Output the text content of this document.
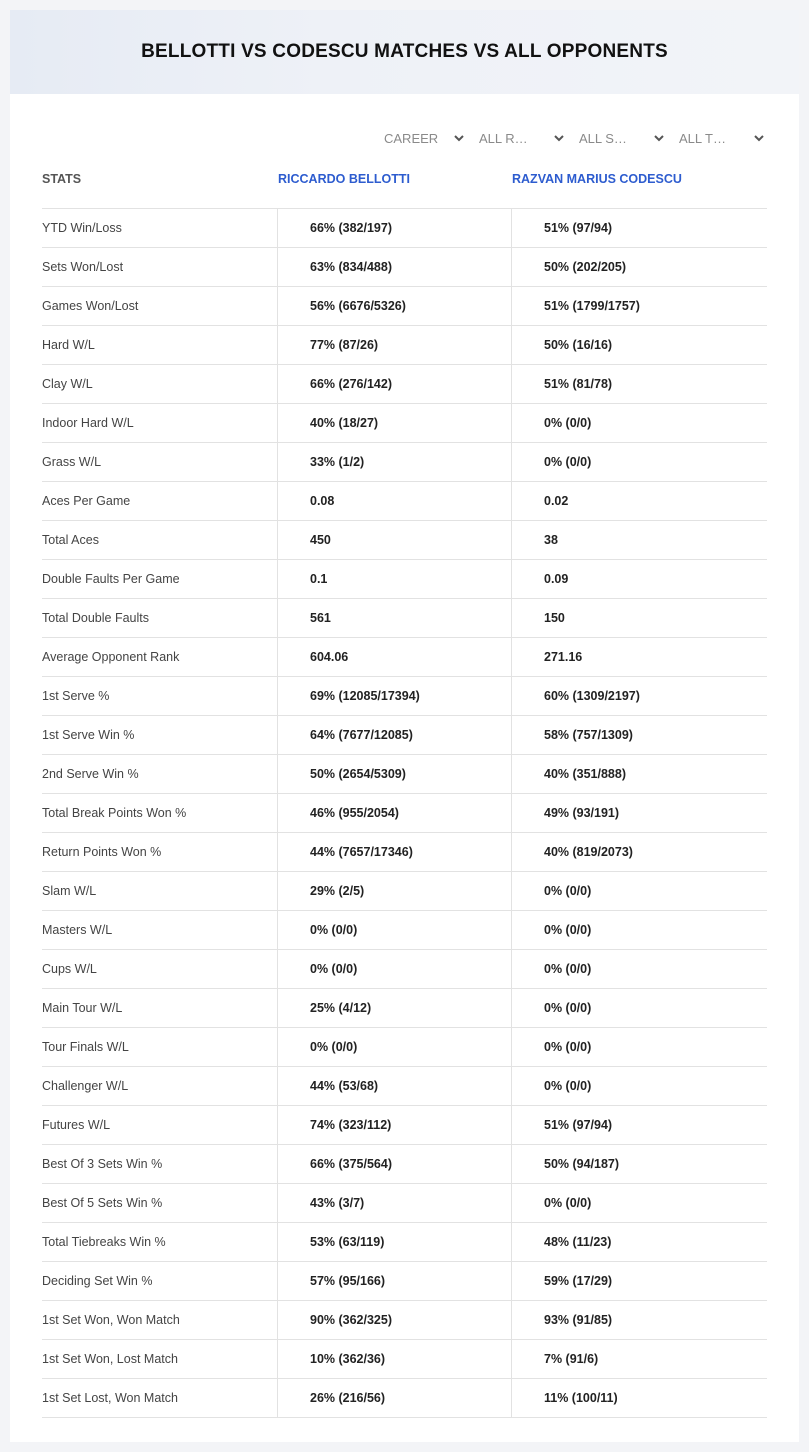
BELLOTTI VS CODESCU MATCHES VS ALL OPPONENTS
CAREER	ALL R…	ALL S…	ALL T…
STATS	RICCARDO BELLOTTI	RAZVAN MARIUS CODESCU
YTD Win/Loss	66% (382/197)	51% (97/94)
Sets Won/Lost	63% (834/488)	50% (202/205)
Games Won/Lost	56% (6676/5326)	51% (1799/1757)
Hard W/L	77% (87/26)	50% (16/16)
Clay W/L	66% (276/142)	51% (81/78)
Indoor Hard W/L	40% (18/27)	0% (0/0)
Grass W/L	33% (1/2)	0% (0/0)
Aces Per Game	0.08	0.02
Total Aces	450	38
Double Faults Per Game	0.1	0.09
Total Double Faults	561	150
Average Opponent Rank	604.06	271.16
1st Serve %	69% (12085/17394)	60% (1309/2197)
1st Serve Win %	64% (7677/12085)	58% (757/1309)
2nd Serve Win %	50% (2654/5309)	40% (351/888)
Total Break Points Won %	46% (955/2054)	49% (93/191)
Return Points Won %	44% (7657/17346)	40% (819/2073)
Slam W/L	29% (2/5)	0% (0/0)
Masters W/L	0% (0/0)	0% (0/0)
Cups W/L	0% (0/0)	0% (0/0)
Main Tour W/L	25% (4/12)	0% (0/0)
Tour Finals W/L	0% (0/0)	0% (0/0)
Challenger W/L	44% (53/68)	0% (0/0)
Futures W/L	74% (323/112)	51% (97/94)
Best Of 3 Sets Win %	66% (375/564)	50% (94/187)
Best Of 5 Sets Win %	43% (3/7)	0% (0/0)
Total Tiebreaks Win %	53% (63/119)	48% (11/23)
Deciding Set Win %	57% (95/166)	59% (17/29)
1st Set Won, Won Match	90% (362/325)	93% (91/85)
1st Set Won, Lost Match	10% (362/36)	7% (91/6)
1st Set Lost, Won Match	26% (216/56)	11% (100/11)
